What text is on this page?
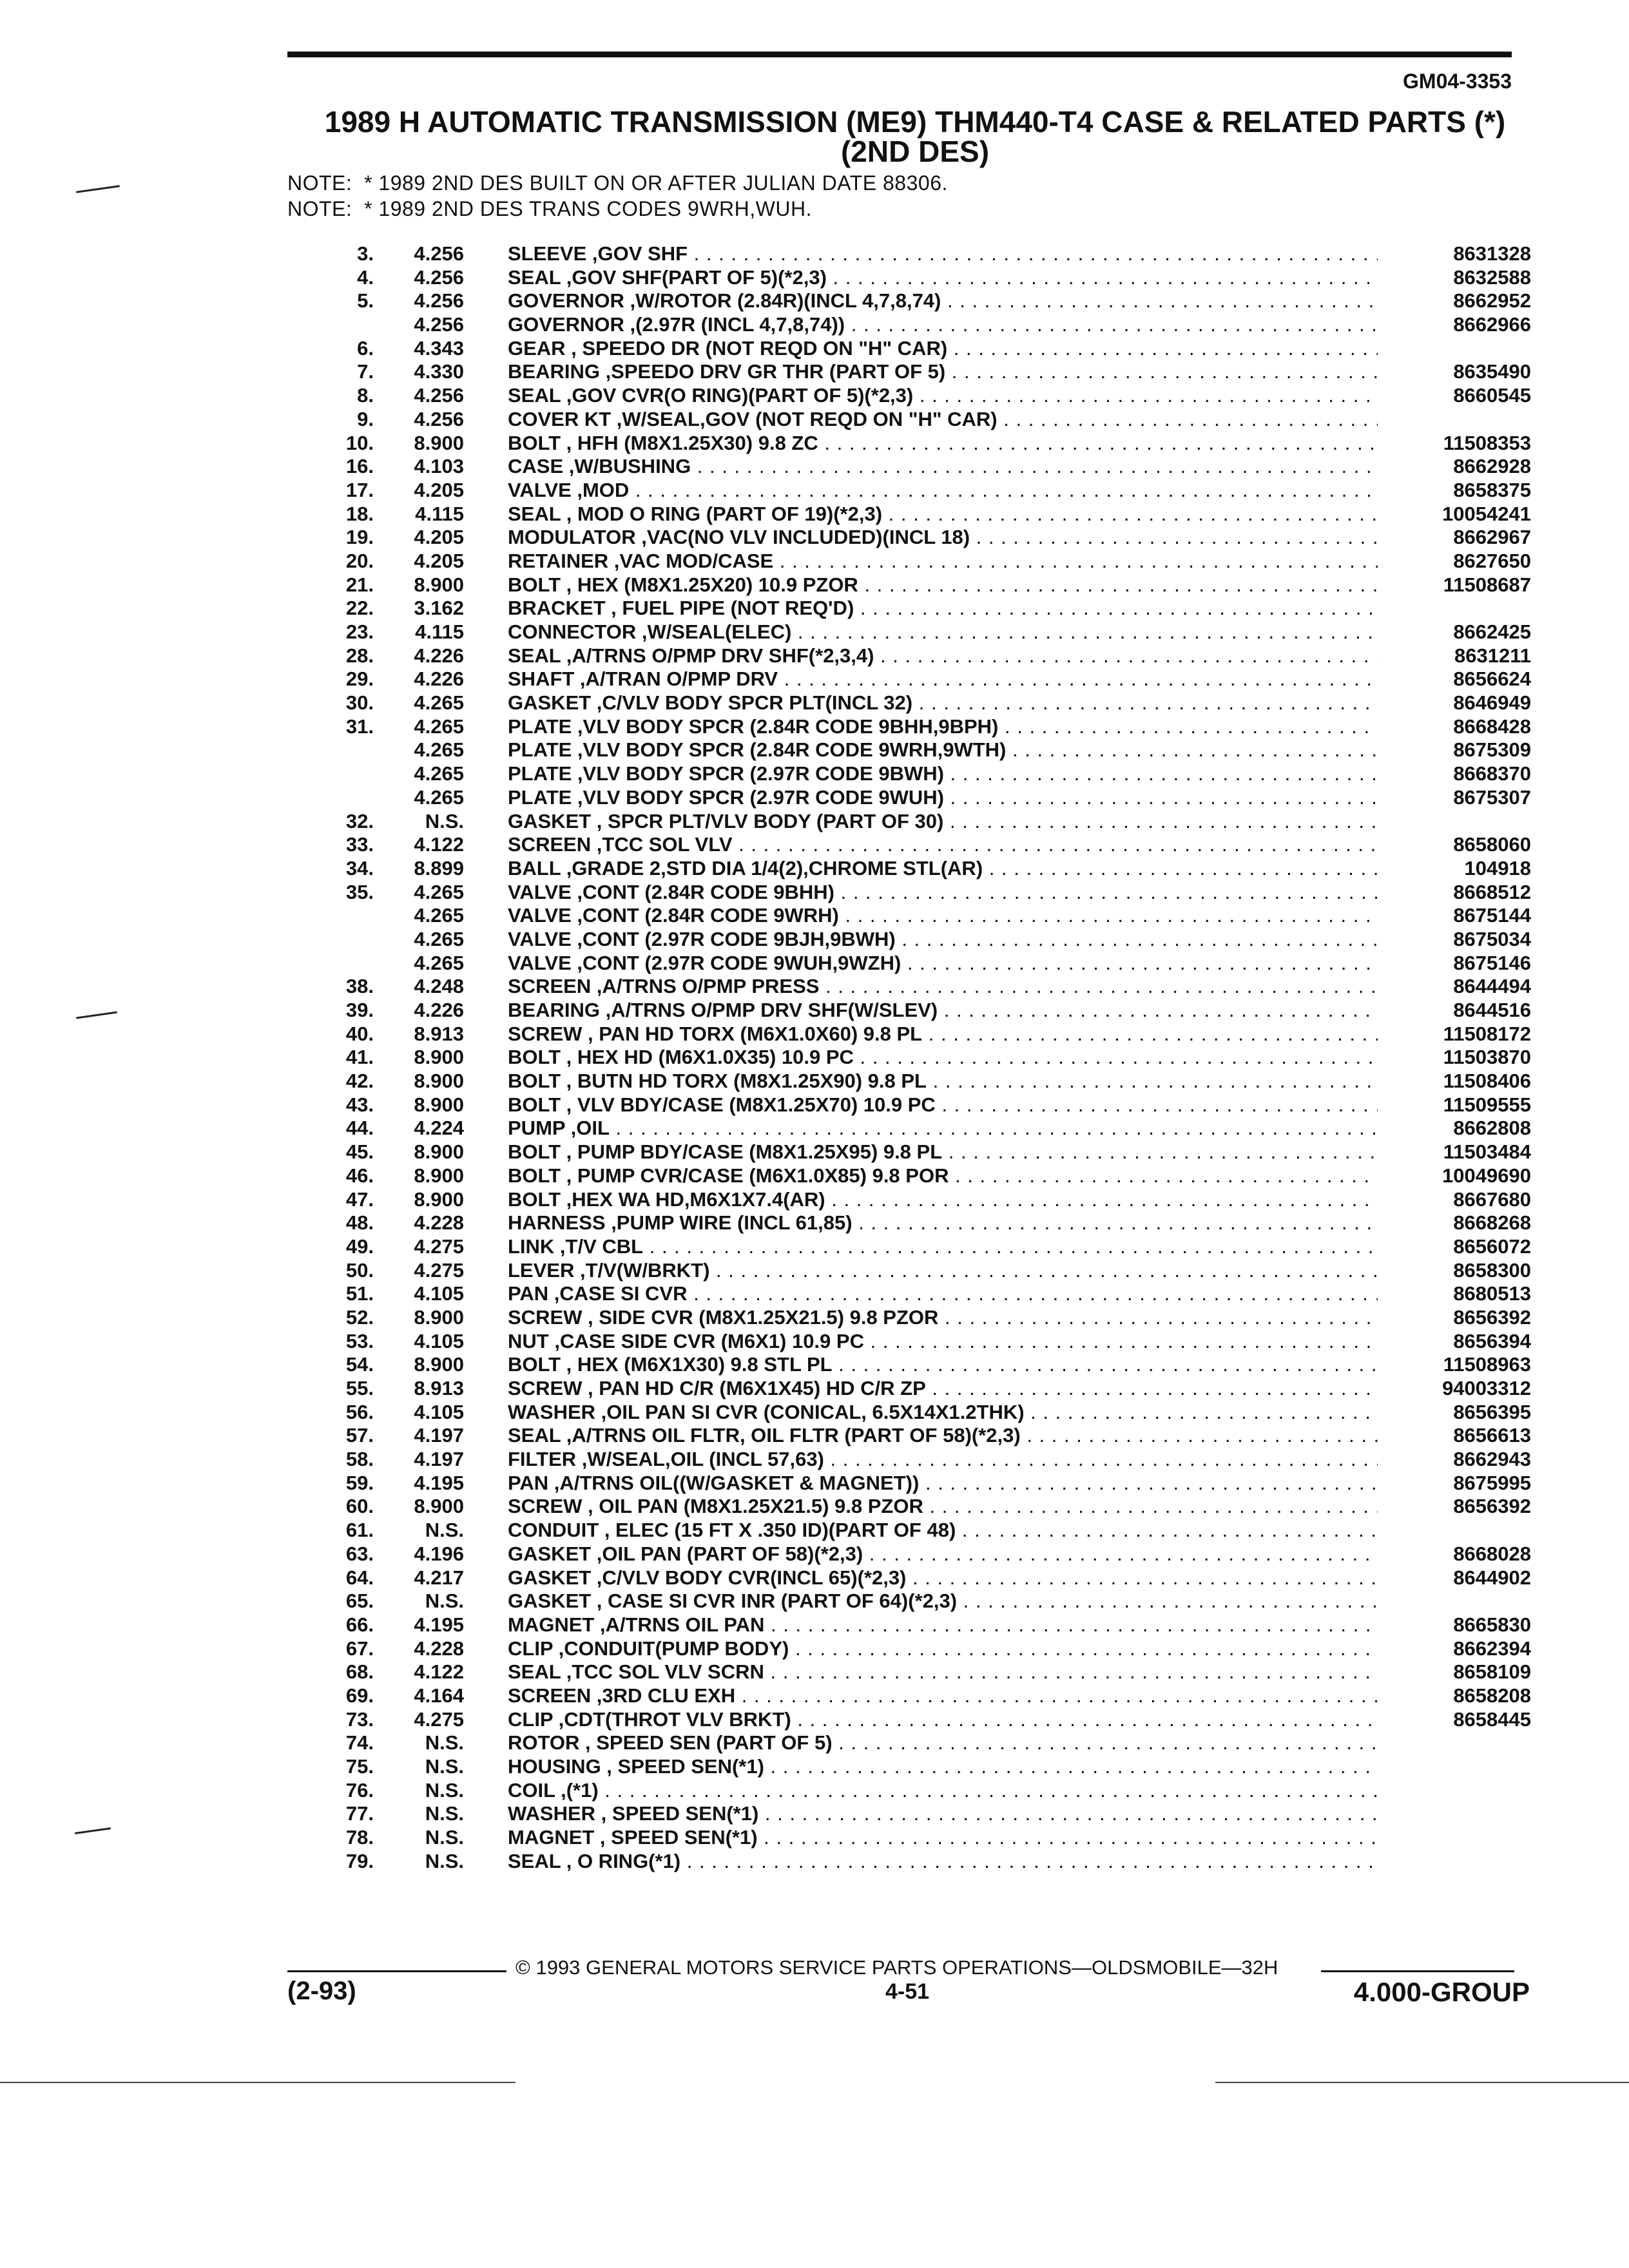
GM04-3353
1989 H AUTOMATIC TRANSMISSION (ME9) THM440-T4 CASE & RELATED PARTS (*)
(2ND DES)
NOTE:  * 1989 2ND DES BUILT ON OR AFTER JULIAN DATE 88306.
NOTE:  * 1989 2ND DES TRANS CODES 9WRH,WUH.
3. 4.256 SLEEVE ,GOV SHF . . .	8631328
4. 4.256 SEAL ,GOV SHF(PART OF 5)(*2,3) . . .	8632588
5. 4.256 GOVERNOR ,W/ROTOR (2.84R)(INCL 4,7,8,74) . . .	8662952
4.256 GOVERNOR ,(2.97R (INCL 4,7,8,74)) . . .	8662966
6. 4.343 GEAR , SPEEDO DR (NOT REQD ON "H" CAR) . . .
7. 4.330 BEARING ,SPEEDO DRV GR THR (PART OF 5) . . .	8635490
8. 4.256 SEAL ,GOV CVR(O RING)(PART OF 5)(*2,3) . . .	8660545
9. 4.256 COVER KT ,W/SEAL,GOV (NOT REQD ON "H" CAR) . . .
10. 8.900 BOLT , HFH (M8X1.25X30) 9.8 ZC . . .	11508353
16. 4.103 CASE ,W/BUSHING . . .	8662928
17. 4.205 VALVE ,MOD . . .	8658375
18. 4.115 SEAL , MOD O RING (PART OF 19)(*2,3) . . .	10054241
19. 4.205 MODULATOR ,VAC(NO VLV INCLUDED)(INCL 18) . . .	8662967
20. 4.205 RETAINER ,VAC MOD/CASE . . .	8627650
21. 8.900 BOLT , HEX (M8X1.25X20) 10.9 PZOR . . .	11508687
22. 3.162 BRACKET , FUEL PIPE (NOT REQ'D) . . .
23. 4.115 CONNECTOR ,W/SEAL(ELEC) . . .	8662425
28. 4.226 SEAL ,A/TRNS O/PMP DRV SHF(*2,3,4) . . .	8631211
29. 4.226 SHAFT ,A/TRAN O/PMP DRV . . .	8656624
30. 4.265 GASKET ,C/VLV BODY SPCR PLT(INCL 32) . . .	8646949
31. 4.265 PLATE ,VLV BODY SPCR (2.84R CODE 9BHH,9BPH) . . .	8668428
4.265 PLATE ,VLV BODY SPCR (2.84R CODE 9WRH,9WTH) . . .	8675309
4.265 PLATE ,VLV BODY SPCR (2.97R CODE 9BWH) . . .	8668370
4.265 PLATE ,VLV BODY SPCR (2.97R CODE 9WUH) . . .	8675307
32.	N.S. GASKET , SPCR PLT/VLV BODY (PART OF 30) . . .
33. 4.122 SCREEN ,TCC SOL VLV . . .	8658060
34. 8.899 BALL ,GRADE 2,STD DIA 1/4(2),CHROME STL(AR) . . .	104918
35. 4.265 VALVE ,CONT (2.84R CODE 9BHH) . . .	8668512
4.265 VALVE ,CONT (2.84R CODE 9WRH) . . .	8675144
4.265 VALVE ,CONT (2.97R CODE 9BJH,9BWH) . . .	8675034
4.265 VALVE ,CONT (2.97R CODE 9WUH,9WZH) . . .	8675146
38. 4.248 SCREEN ,A/TRNS O/PMP PRESS . . .	8644494
39. 4.226 BEARING ,A/TRNS O/PMP DRV SHF(W/SLEV) . . .	8644516
40. 8.913 SCREW , PAN HD TORX (M6X1.0X60) 9.8 PL . . .	11508172
41. 8.900 BOLT , HEX HD (M6X1.0X35) 10.9 PC . . .	11503870
42. 8.900 BOLT , BUTN HD TORX (M8X1.25X90) 9.8 PL . . .	11508406
43. 8.900 BOLT , VLV BDY/CASE (M8X1.25X70) 10.9 PC . . .	11509555
44. 4.224 PUMP ,OIL . . .	8662808
45. 8.900 BOLT , PUMP BDY/CASE (M8X1.25X95) 9.8 PL . . .	11503484
46. 8.900 BOLT , PUMP CVR/CASE (M6X1.0X85) 9.8 POR . . .	10049690
47. 8.900 BOLT ,HEX WA HD,M6X1X7.4(AR) . . .	8667680
48. 4.228 HARNESS ,PUMP WIRE (INCL 61,85) . . .	8668268
49. 4.275 LINK ,T/V CBL . . .	8656072
50. 4.275 LEVER ,T/V(W/BRKT) . . .	8658300
51. 4.105 PAN ,CASE SI CVR . . .	8680513
52. 8.900 SCREW , SIDE CVR (M8X1.25X21.5) 9.8 PZOR . . .	8656392
53. 4.105 NUT ,CASE SIDE CVR (M6X1) 10.9 PC . . .	8656394
54. 8.900 BOLT , HEX (M6X1X30) 9.8 STL PL . . .	11508963
55. 8.913 SCREW , PAN HD C/R (M6X1X45) HD C/R ZP . . .	94003312
56. 4.105 WASHER ,OIL PAN SI CVR (CONICAL, 6.5X14X1.2THK) . . .	8656395
57. 4.197 SEAL ,A/TRNS OIL FLTR, OIL FLTR (PART OF 58)(*2,3) . . .	8656613
58. 4.197 FILTER ,W/SEAL,OIL (INCL 57,63) . . .	8662943
59. 4.195 PAN ,A/TRNS OIL((W/GASKET & MAGNET)) . . .	8675995
60. 8.900 SCREW , OIL PAN (M8X1.25X21.5) 9.8 PZOR . . .	8656392
61.	N.S. CONDUIT , ELEC (15 FT X .350 ID)(PART OF 48) . . .
63. 4.196 GASKET ,OIL PAN (PART OF 58)(*2,3) . . .	8668028
64. 4.217 GASKET ,C/VLV BODY CVR(INCL 65)(*2,3) . . .	8644902
65.	N.S. GASKET , CASE SI CVR INR (PART OF 64)(*2,3) . . .
66. 4.195 MAGNET ,A/TRNS OIL PAN . . .	8665830
67. 4.228 CLIP ,CONDUIT(PUMP BODY) . . .	8662394
68. 4.122 SEAL ,TCC SOL VLV SCRN . . .	8658109
69. 4.164 SCREEN ,3RD CLU EXH . . .	8658208
73. 4.275 CLIP ,CDT(THROT VLV BRKT) . . .	8658445
74.	N.S. ROTOR , SPEED SEN (PART OF 5) . . .
75.	N.S. HOUSING , SPEED SEN(*1) . . .
76.	N.S. COIL ,(*1) . . .
77.	N.S. WASHER , SPEED SEN(*1) . . .
78.	N.S. MAGNET , SPEED SEN(*1) . . .
79.	N.S. SEAL , O RING(*1) . . .
© 1993 GENERAL MOTORS SERVICE PARTS OPERATIONS—OLDSMOBILE—32H
(2-93)	4-51	4.000-GROUP
